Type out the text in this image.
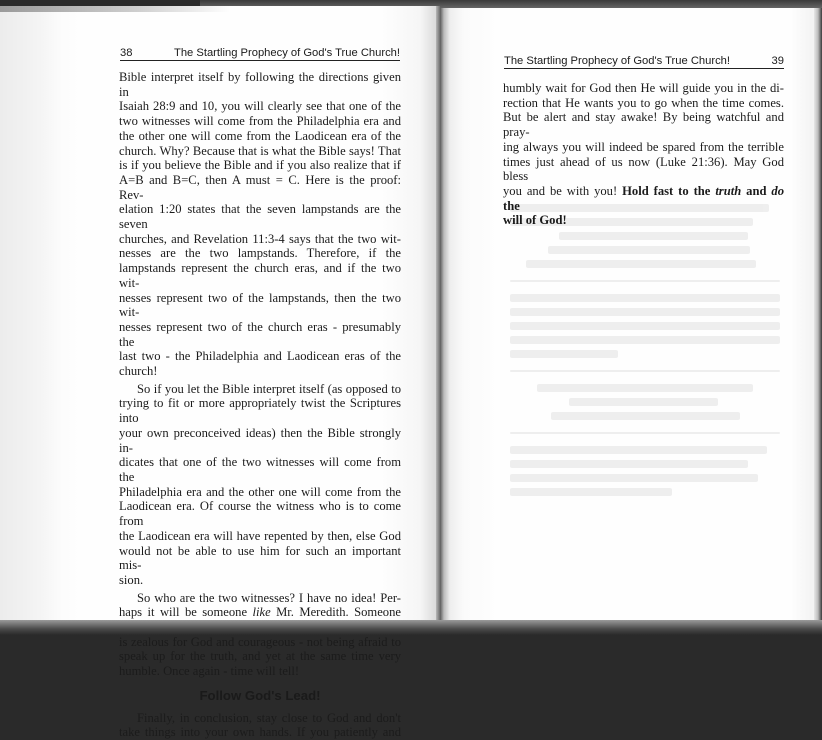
38	The Startling Prophecy of God's True Church!

Bible interpret itself by following the directions given in
Isaiah 28:9 and 10, you will clearly see that one of the
two witnesses will come from the Philadelphia era and
the other one will come from the Laodicean era of the
church. Why? Because that is what the Bible says! That
is if you believe the Bible and if you also realize that if
A=B and B=C, then A must = C. Here is the proof: Rev-
elation 1:20 states that the seven lampstands are the seven
churches, and Revelation 11:3-4 says that the two wit-
nesses are the two lampstands. Therefore, if the
lampstands represent the church eras, and if the two wit-
nesses represent two of the lampstands, then the two wit-
nesses represent two of the church eras - presumably the
last two - the Philadelphia and Laodicean eras of the
church!

So if you let the Bible interpret itself (as opposed to
trying to fit or more appropriately twist the Scriptures into
your own preconceived ideas) then the Bible strongly in-
dicates that one of the two witnesses will come from the
Philadelphia era and the other one will come from the
Laodicean era. Of course the witness who is to come from
the Laodicean era will have repented by then, else God
would not be able to use him for such an important mis-
sion.

So who are the two witnesses? I have no idea! Per-
haps it will be someone like Mr. Meredith. Someone
is zealous for God and courageous - not being afraid to
speak up for the truth, and yet at the same time very
humble. Once again - time will tell!

Follow God's Lead!

Finally, in conclusion, stay close to God and don't
take things into your own hands. If you patiently and

The Startling Prophecy of God's True Church!	39

humbly wait for God then He will guide you in the di-
rection that He wants you to go when the time comes.
But be alert and stay awake! By being watchful and pray-
ing always you will indeed be spared from the terrible
times just ahead of us now (Luke 21:36). May God bless
you and be with you! Hold fast to the truth and do the
will of God!
